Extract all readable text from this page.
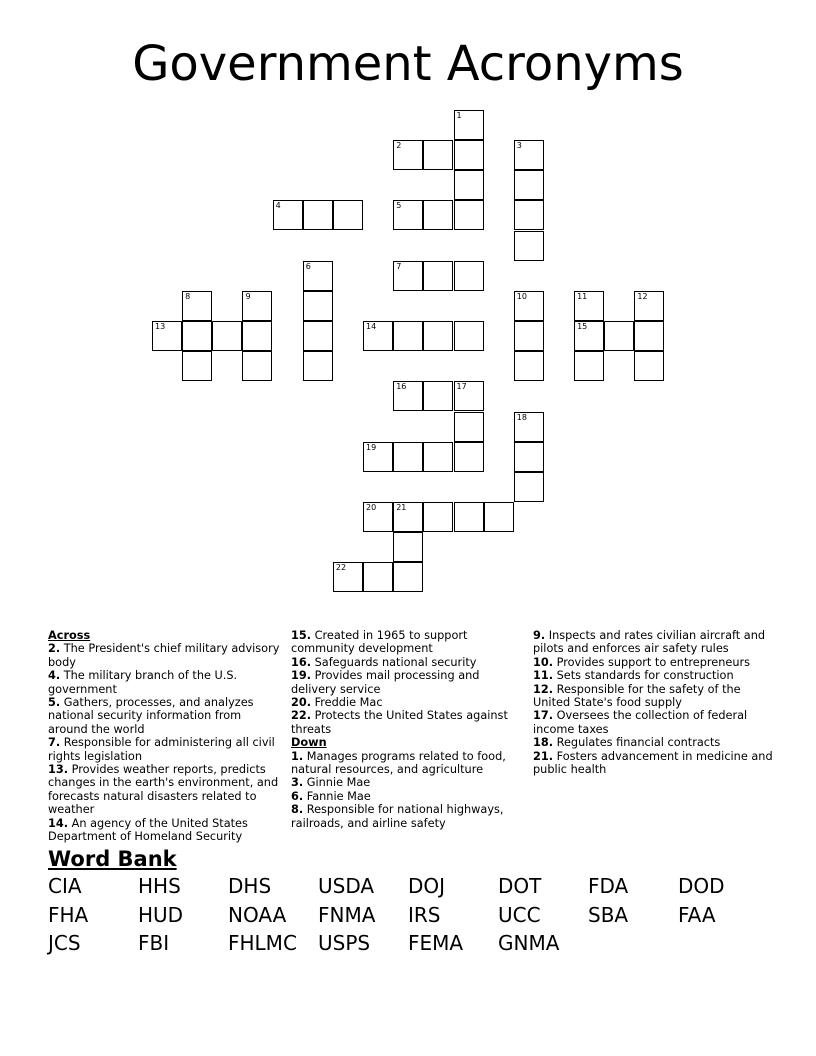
Government Acronyms
1
2	3
4	5
6	7
8	9	10	11	12
13	14	15
16	17
18
19
20 21
22
Across
2. The President's chief military advisory body
4. The military branch of the U.S. government
5. Gathers, processes, and analyzes national security information from around the world
7. Responsible for administering all civil rights legislation
13. Provides weather reports, predicts changes in the earth's environment, and forecasts natural disasters related to weather
14. An agency of the United States Department of Homeland Security
15. Created in 1965 to support community development
16. Safeguards national security
19. Provides mail processing and delivery service
20. Freddie Mac
22. Protects the United States against threats
Down
1. Manages programs related to food, natural resources, and agriculture
3. Ginnie Mae
6. Fannie Mae
8. Responsible for national highways, railroads, and airline safety
9. Inspects and rates civilian aircraft and pilots and enforces air safety rules
10. Provides support to entrepreneurs
11. Sets standards for construction
12. Responsible for the safety of the United State's food supply
17. Oversees the collection of federal income taxes
18. Regulates financial contracts
21. Fosters advancement in medicine and public health
Word Bank
CIA	HHS DHS USDA DOJ	DOT FDA DOD
FHA HUD NOAA FNMA IRS	UCC SBA FAA
JCS	FBI	FHLMC USPS FEMA GNMA
